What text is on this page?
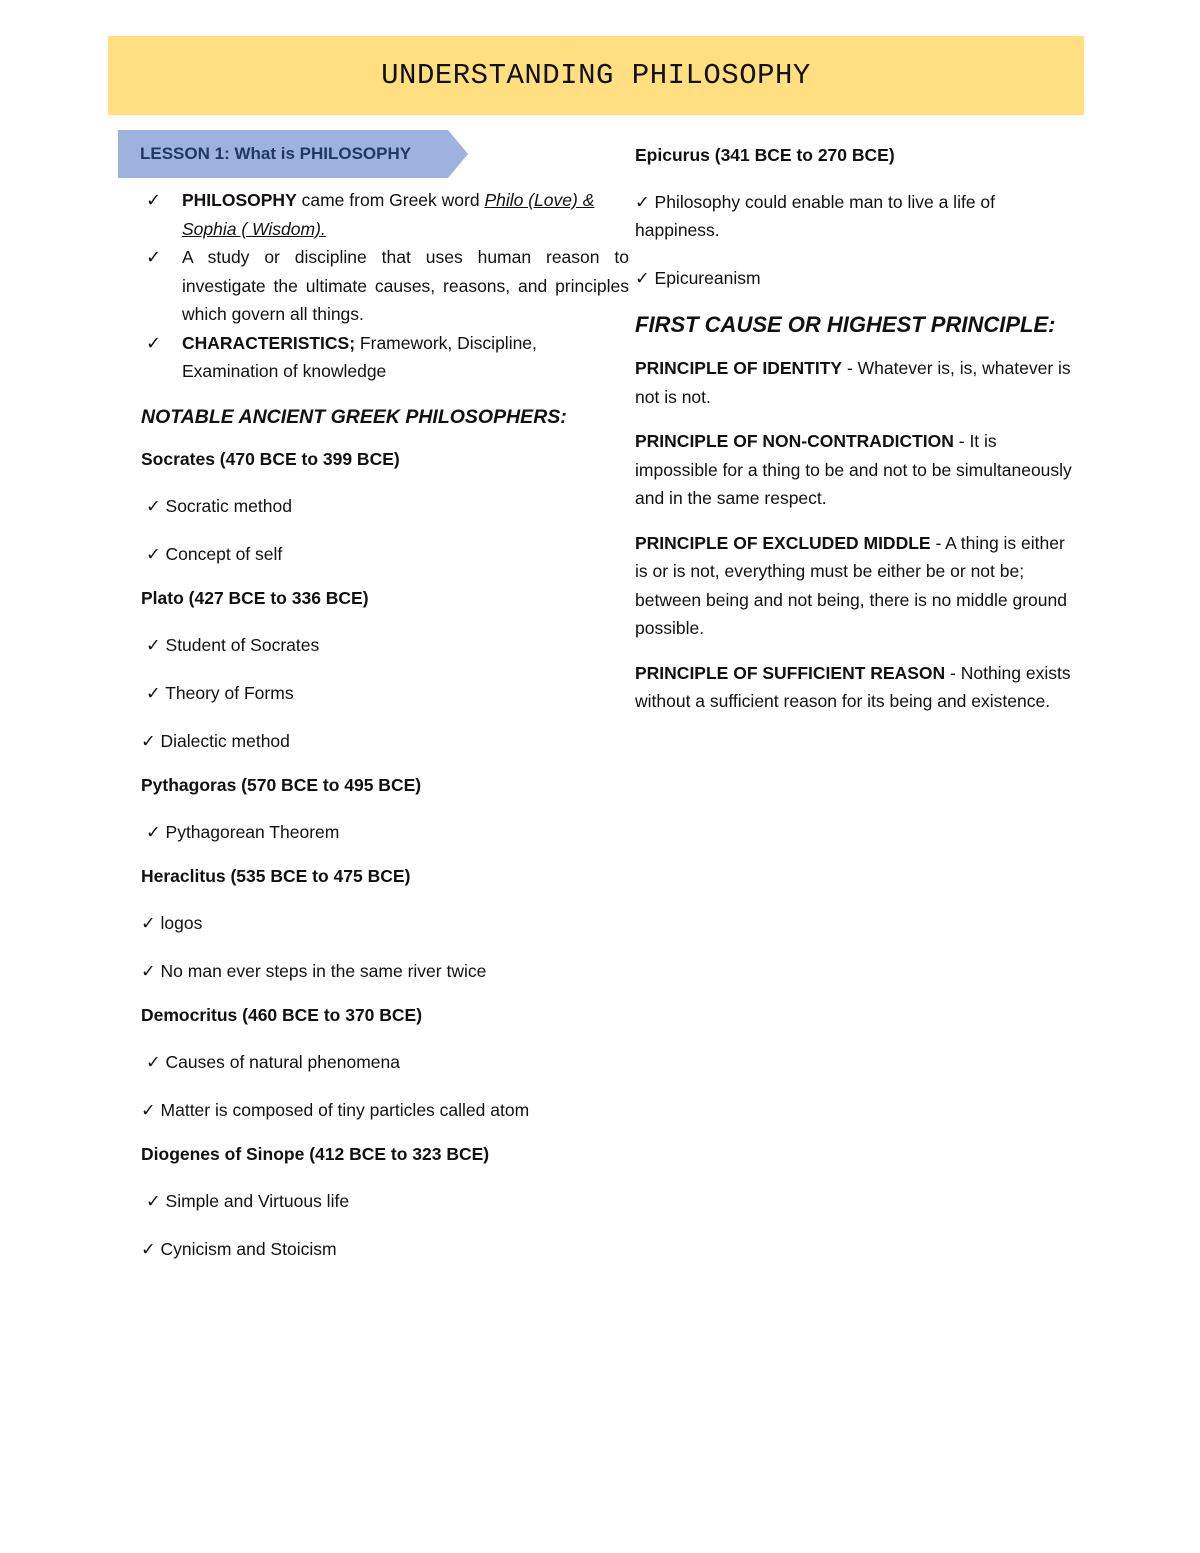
UNDERSTANDING PHILOSOPHY
LESSON 1: What is PHILOSOPHY
✓ PHILOSOPHY came from Greek word Philo (Love) & Sophia ( Wisdom).
✓ A study or discipline that uses human reason to investigate the ultimate causes, reasons, and principles which govern all things.
✓ CHARACTERISTICS; Framework, Discipline, Examination of knowledge
NOTABLE ANCIENT GREEK PHILOSOPHERS:
Socrates (470 BCE to 399 BCE)
✓ Socratic method
✓ Concept of self
Plato (427 BCE to 336 BCE)
✓ Student of Socrates
✓ Theory of Forms
✓ Dialectic method
Pythagoras (570 BCE to 495 BCE)
✓ Pythagorean Theorem
Heraclitus (535 BCE to 475 BCE)
✓ logos
✓ No man ever steps in the same river twice
Democritus (460 BCE to 370 BCE)
✓ Causes of natural phenomena
✓ Matter is composed of tiny particles called atom
Diogenes of Sinope (412 BCE to 323 BCE)
✓ Simple and Virtuous life
✓ Cynicism and Stoicism
Epicurus (341 BCE to 270 BCE)
✓ Philosophy could enable man to live a life of happiness.
✓ Epicureanism
FIRST CAUSE OR HIGHEST PRINCIPLE:
PRINCIPLE OF IDENTITY - Whatever is, is, whatever is not is not.
PRINCIPLE OF NON-CONTRADICTION - It is impossible for a thing to be and not to be simultaneously and in the same respect.
PRINCIPLE OF EXCLUDED MIDDLE - A thing is either is or is not, everything must be either be or not be; between being and not being, there is no middle ground possible.
PRINCIPLE OF SUFFICIENT REASON - Nothing exists without a sufficient reason for its being and existence.
